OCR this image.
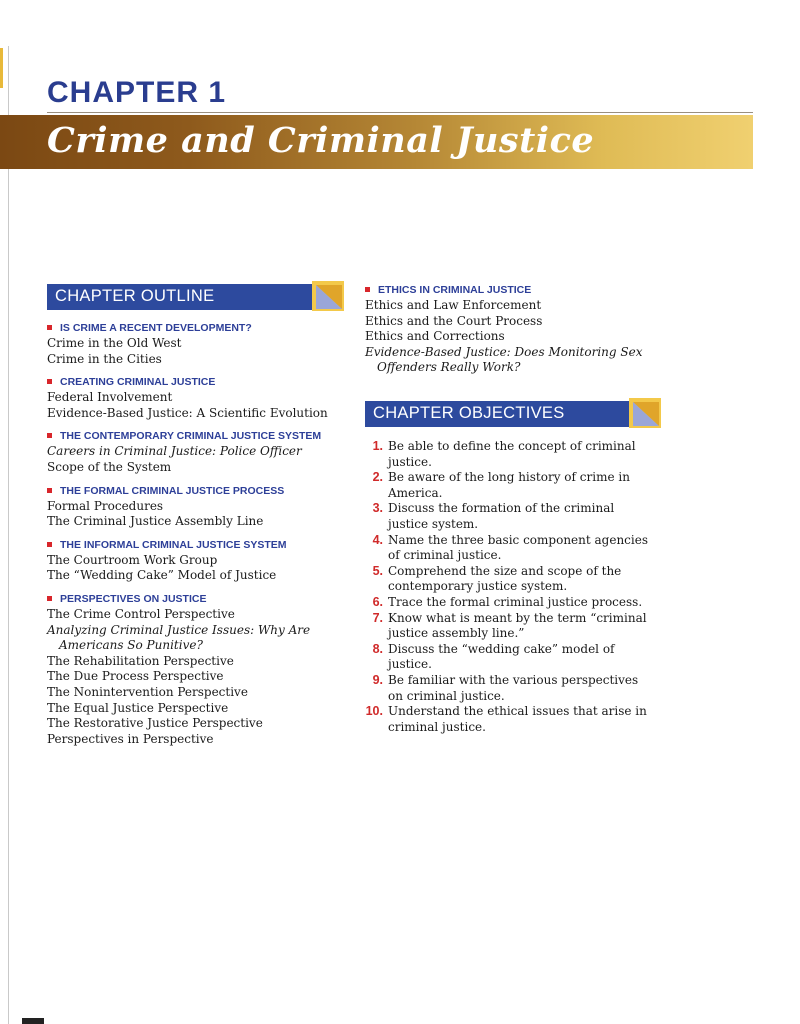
CHAPTER 1
Crime and Criminal Justice
CHAPTER OUTLINE
IS CRIME A RECENT DEVELOPMENT?
Crime in the Old West
Crime in the Cities
CREATING CRIMINAL JUSTICE
Federal Involvement
Evidence-Based Justice: A Scientific Evolution
THE CONTEMPORARY CRIMINAL JUSTICE SYSTEM
Careers in Criminal Justice: Police Officer
Scope of the System
THE FORMAL CRIMINAL JUSTICE PROCESS
Formal Procedures
The Criminal Justice Assembly Line
THE INFORMAL CRIMINAL JUSTICE SYSTEM
The Courtroom Work Group
The “Wedding Cake” Model of Justice
PERSPECTIVES ON JUSTICE
The Crime Control Perspective
Analyzing Criminal Justice Issues: Why Are Americans So Punitive?
The Rehabilitation Perspective
The Due Process Perspective
The Nonintervention Perspective
The Equal Justice Perspective
The Restorative Justice Perspective
Perspectives in Perspective
ETHICS IN CRIMINAL JUSTICE
Ethics and Law Enforcement
Ethics and the Court Process
Ethics and Corrections
Evidence-Based Justice: Does Monitoring Sex Offenders Really Work?
CHAPTER OBJECTIVES
1. Be able to define the concept of criminal justice.
2. Be aware of the long history of crime in America.
3. Discuss the formation of the criminal justice system.
4. Name the three basic component agencies of criminal justice.
5. Comprehend the size and scope of the contemporary justice system.
6. Trace the formal criminal justice process.
7. Know what is meant by the term “criminal justice assembly line.”
8. Discuss the “wedding cake” model of justice.
9. Be familiar with the various perspectives on criminal justice.
10. Understand the ethical issues that arise in criminal justice.
